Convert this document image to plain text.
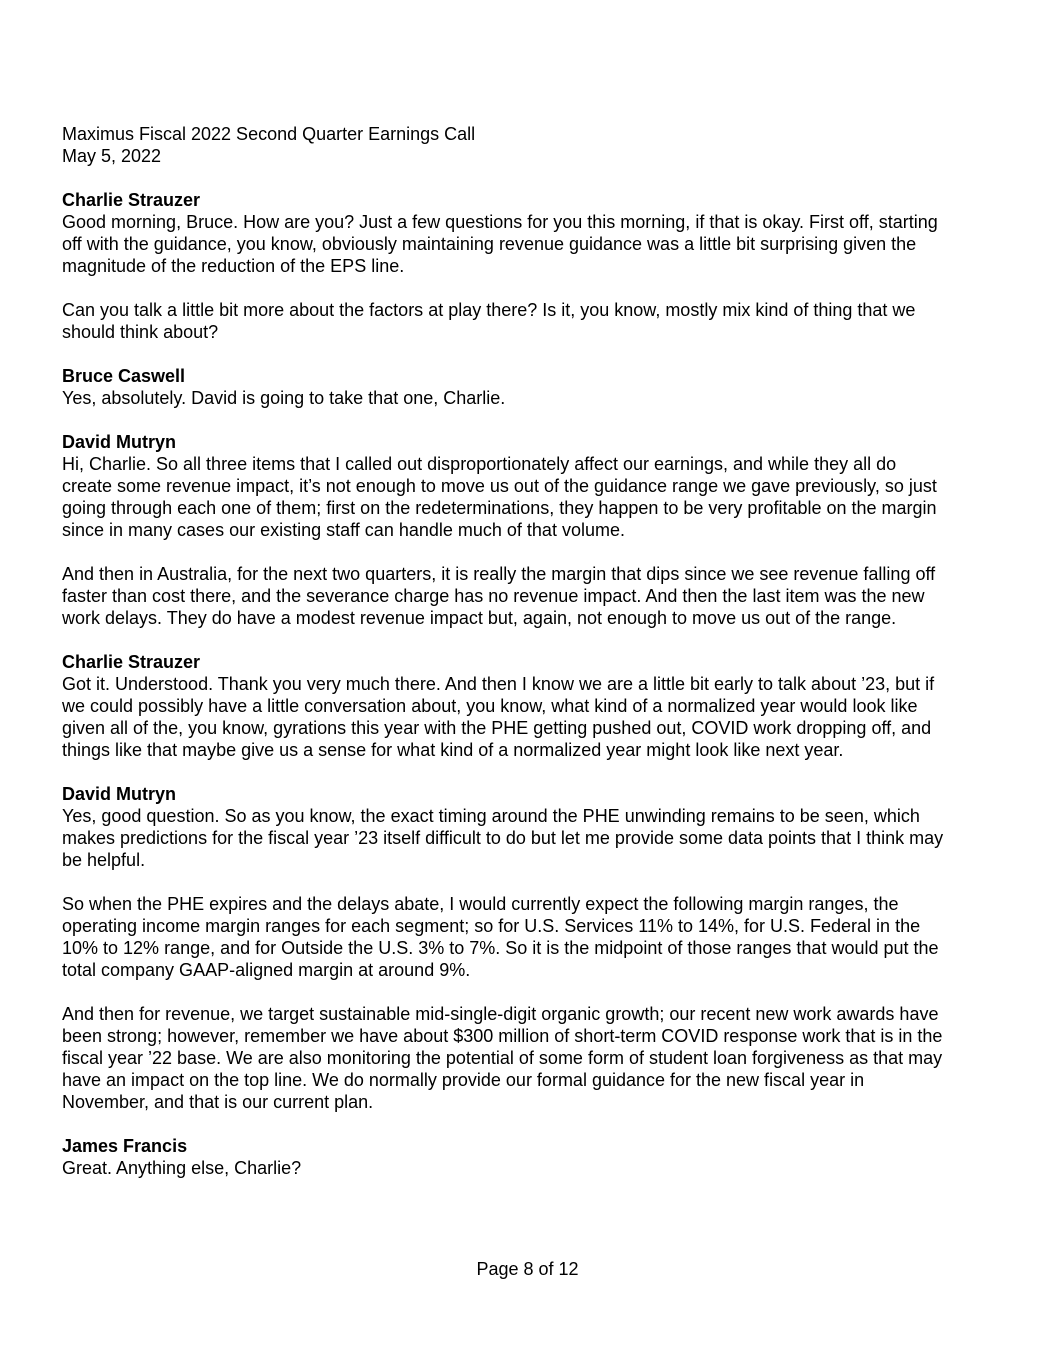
Maximus Fiscal 2022 Second Quarter Earnings Call

May 5, 2022

Charlie Strauzer

Good morning, Bruce. How are you? Just a few questions for you this morning, if that is okay. First off, starting
off with the guidance, you know, obviously maintaining revenue guidance was a little bit surprising given the
magnitude of the reduction of the EPS line.

Can you talk a little bit more about the factors at play there? Is it, you know, mostly mix kind of thing that we
should think about?

Bruce Caswell

Yes, absolutely. David is going to take that one, Charlie.

David Mutryn

Hi, Charlie. So all three items that I called out disproportionately affect our earnings, and while they all do
create some revenue impact, it’s not enough to move us out of the guidance range we gave previously, so just
going through each one of them; first on the redeterminations, they happen to be very profitable on the margin
since in many cases our existing staff can handle much of that volume.

And then in Australia, for the next two quarters, it is really the margin that dips since we see revenue falling off
faster than cost there, and the severance charge has no revenue impact. And then the last item was the new
work delays. They do have a modest revenue impact but, again, not enough to move us out of the range.

Charlie Strauzer

Got it. Understood. Thank you very much there. And then I know we are a little bit early to talk about ’23, but if
we could possibly have a little conversation about, you know, what kind of a normalized year would look like
given all of the, you know, gyrations this year with the PHE getting pushed out, COVID work dropping off, and
things like that maybe give us a sense for what kind of a normalized year might look like next year.

David Mutryn

Yes, good question. So as you know, the exact timing around the PHE unwinding remains to be seen, which
makes predictions for the fiscal year ’23 itself difficult to do but let me provide some data points that I think may
be helpful.

So when the PHE expires and the delays abate, I would currently expect the following margin ranges, the
operating income margin ranges for each segment; so for U.S. Services 11% to 14%, for U.S. Federal in the
10% to 12% range, and for Outside the U.S. 3% to 7%. So it is the midpoint of those ranges that would put the
total company GAAP-aligned margin at around 9%.

And then for revenue, we target sustainable mid-single-digit organic growth; our recent new work awards have
been strong; however, remember we have about $300 million of short-term COVID response work that is in the
fiscal year ’22 base. We are also monitoring the potential of some form of student loan forgiveness as that may
have an impact on the top line. We do normally provide our formal guidance for the new fiscal year in
November, and that is our current plan.

James Francis

Great. Anything else, Charlie?

Page 8 of 12
